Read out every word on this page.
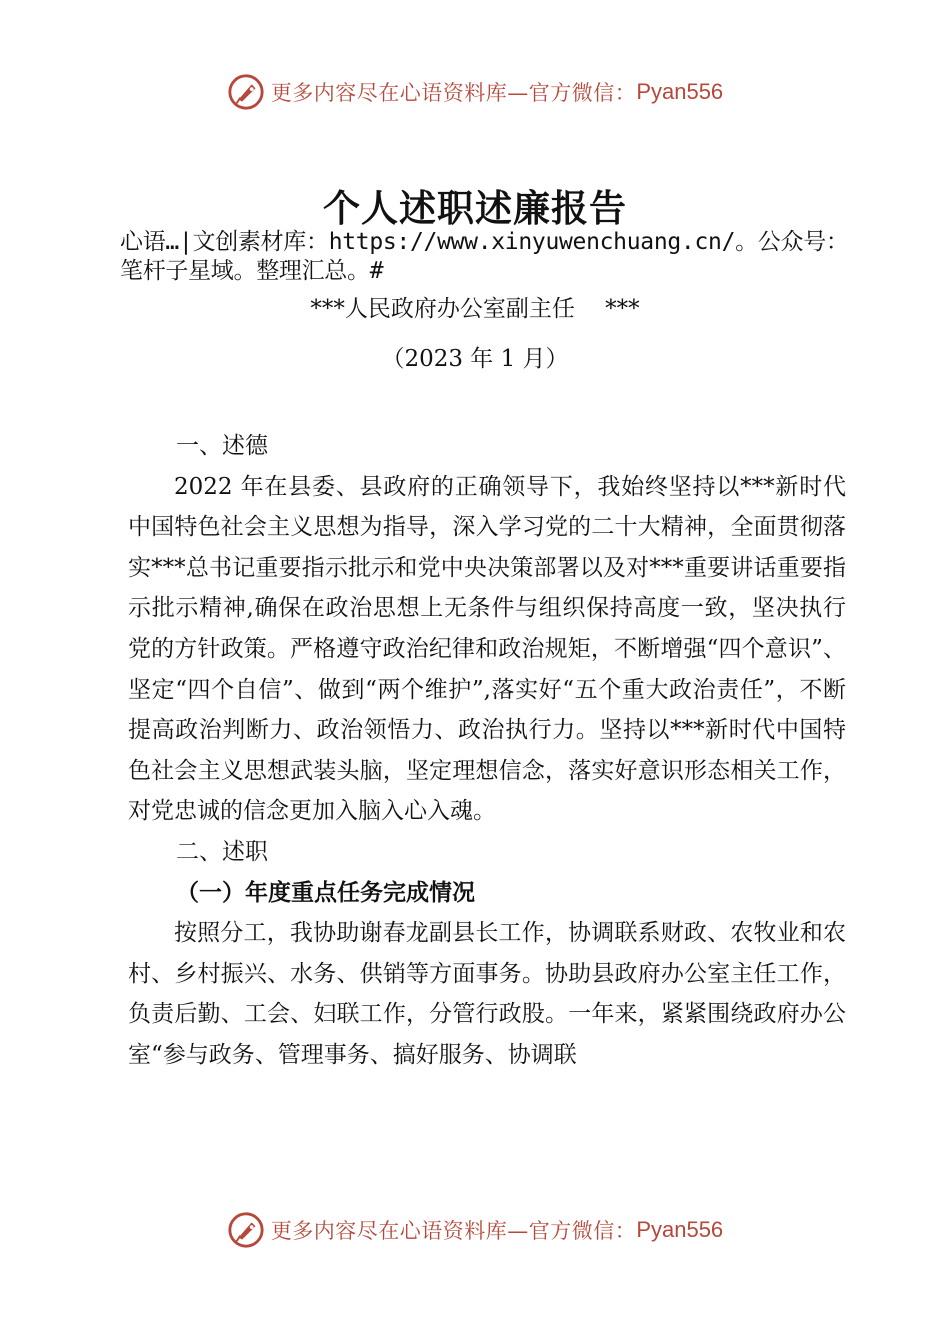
更多内容尽在心语资料库—官方微信： Pyan556
个人述职述廉报告
心语…|文创素材库：https://www.xinyuwenchuang.cn/。公众号：笔杆子星域。整理汇总。#
***人民政府办公室副主任　 ***
（2023 年 1 月）
一、述德

2022 年在县委、县政府的正确领导下，我始终坚持以***新时代中国特色社会主义思想为指导，深入学习党的二十大精神，全面贯彻落实***总书记重要指示批示和党中央决策部署以及对***重要讲话重要指示批示精神,确保在政治思想上无条件与组织保持高度一致，坚决执行党的方针政策。严格遵守政治纪律和政治规矩，不断增强“四个意识”、坚定“四个自信”、做到“两个维护”,落实好“五个重大政治责任”，不断提高政治判断力、政治领悟力、政治执行力。坚持以***新时代中国特色社会主义思想武装头脑，坚定理想信念，落实好意识形态相关工作，对党忠诚的信念更加入脑入心入魂。

二、述职
（一）年度重点任务完成情况

按照分工，我协助谢春龙副县长工作，协调联系财政、农牧业和农村、乡村振兴、水务、供销等方面事务。协助县政府办公室主任工作，负责后勤、工会、妇联工作，分管行政股。一年来，紧紧围绕政府办公室“参与政务、管理事务、搞好服务、协调联

更多内容尽在心语资料库—官方微信： Pyan556
